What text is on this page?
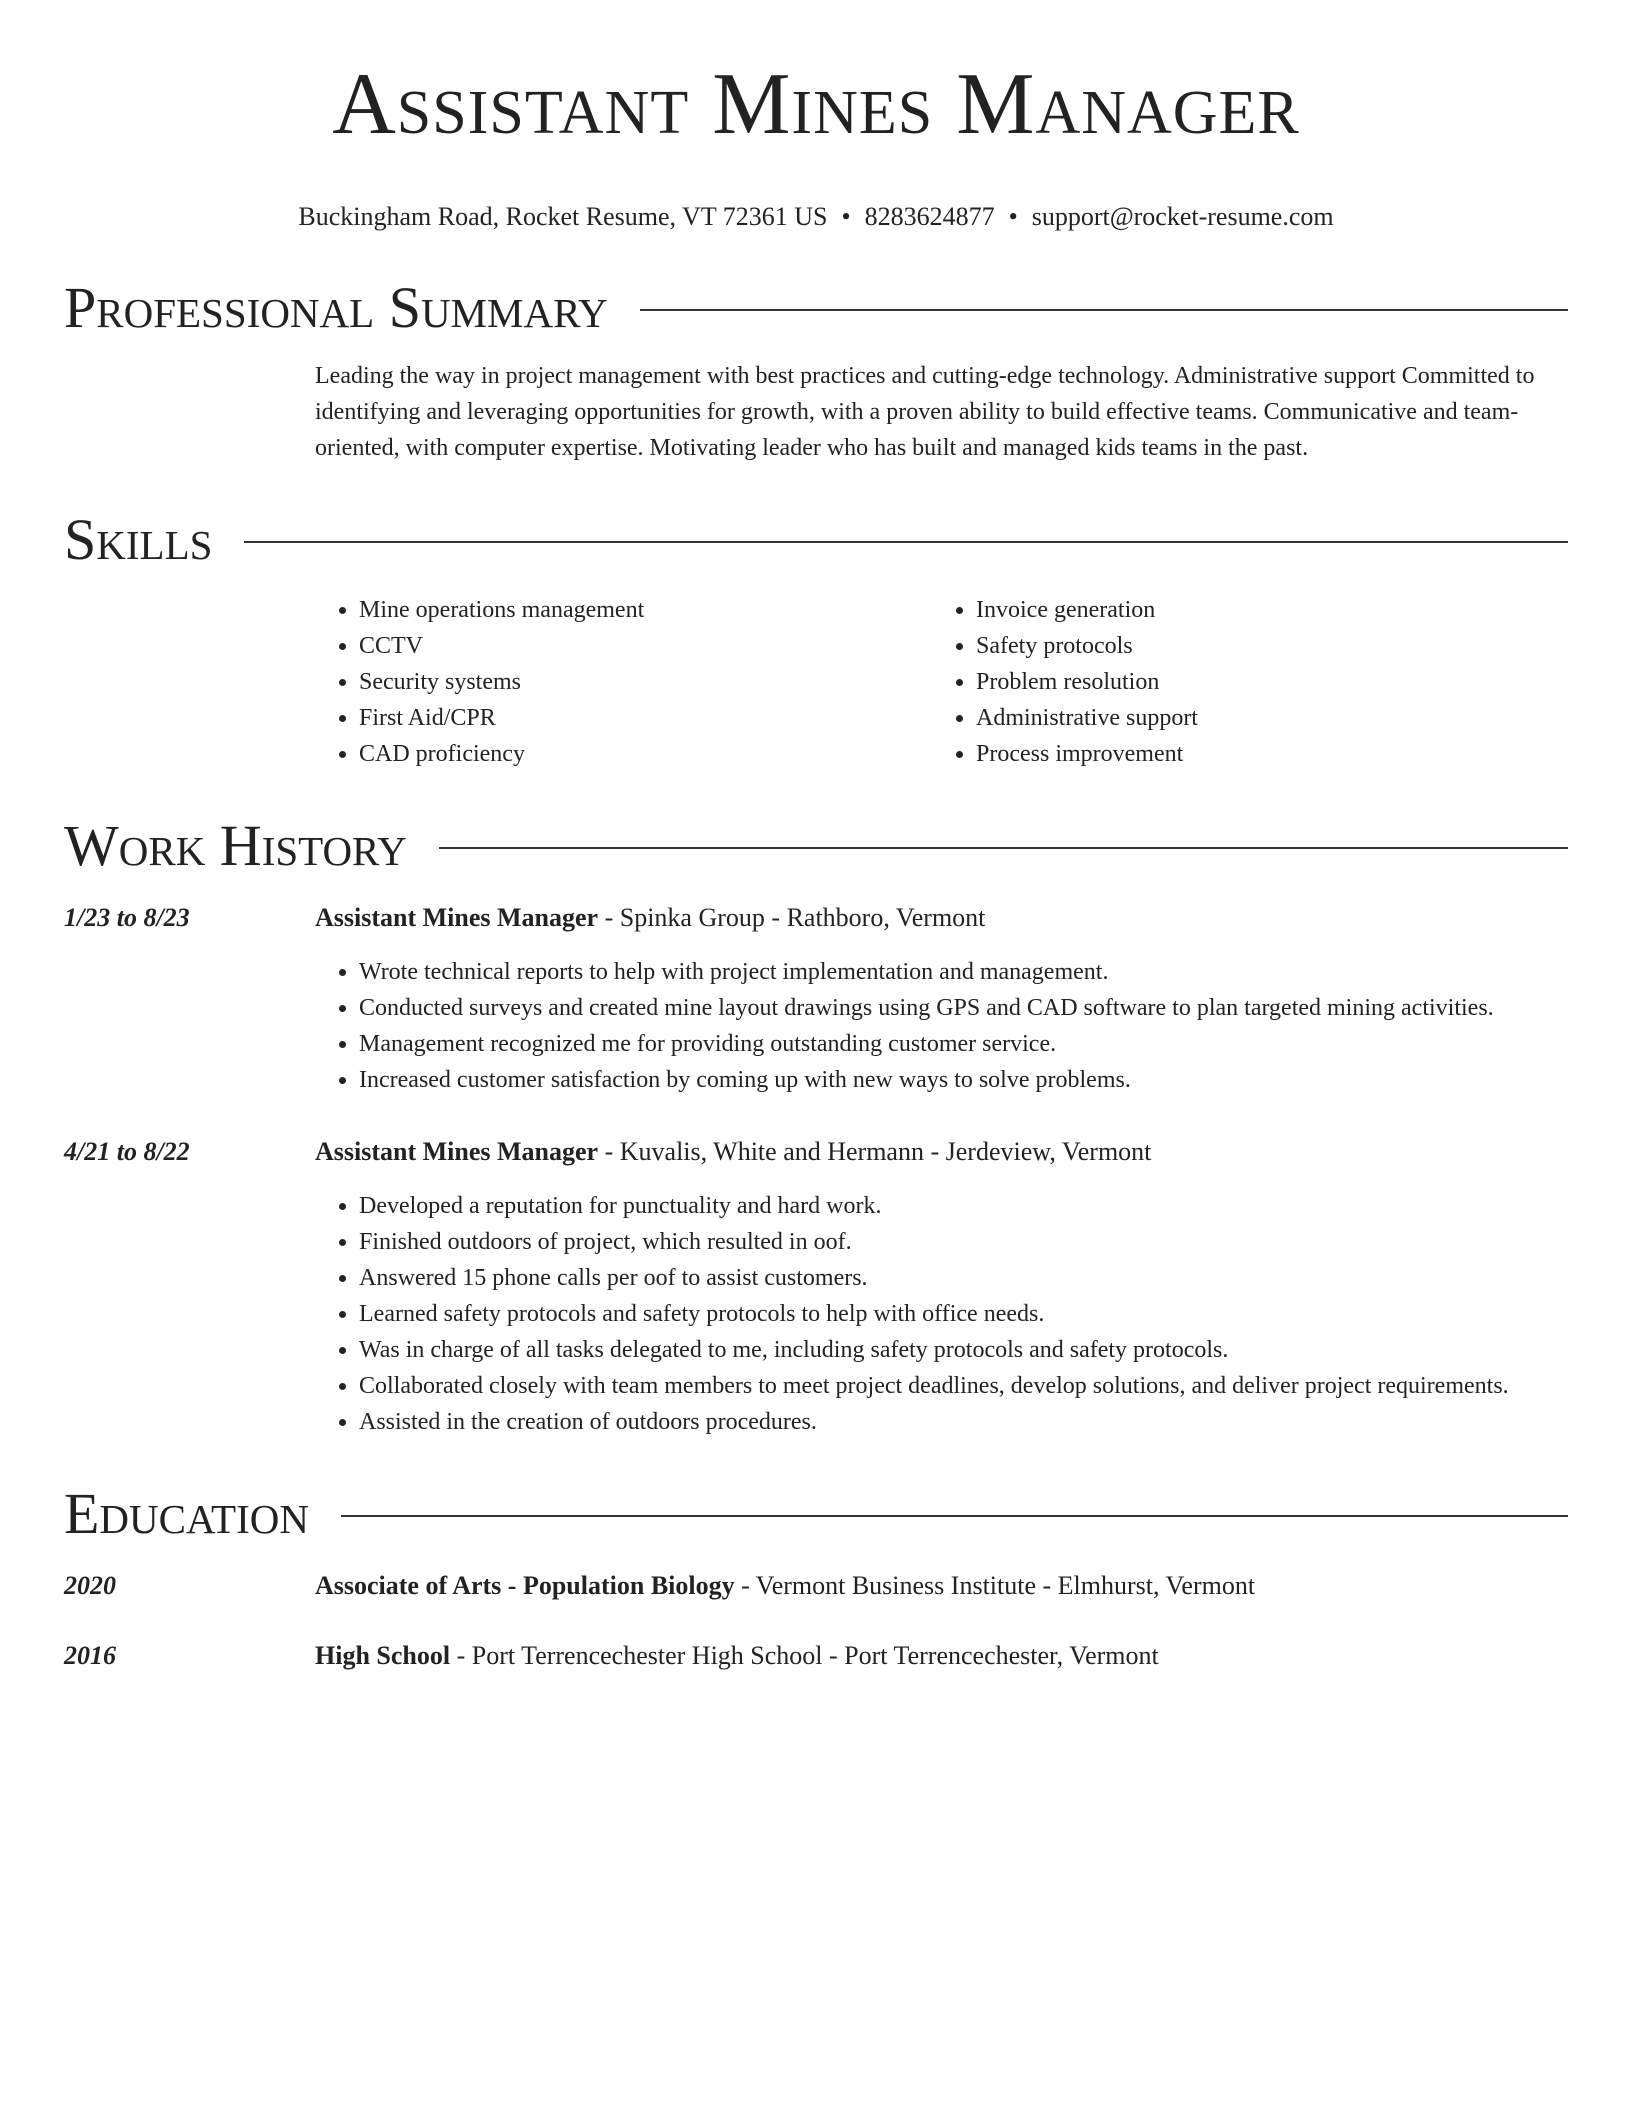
Assistant Mines Manager
Buckingham Road, Rocket Resume, VT 72361 US • 8283624877 • support@rocket-resume.com
Professional Summary
Leading the way in project management with best practices and cutting-edge technology. Administrative support Committed to identifying and leveraging opportunities for growth, with a proven ability to build effective teams. Communicative and team-oriented, with computer expertise. Motivating leader who has built and managed kids teams in the past.
Skills
• Mine operations management
• CCTV
• Security systems
• First Aid/CPR
• CAD proficiency
• Invoice generation
• Safety protocols
• Problem resolution
• Administrative support
• Process improvement
Work History
1/23 to 8/23	Assistant Mines Manager - Spinka Group - Rathboro, Vermont
• Wrote technical reports to help with project implementation and management.
• Conducted surveys and created mine layout drawings using GPS and CAD software to plan targeted mining activities.
• Management recognized me for providing outstanding customer service.
• Increased customer satisfaction by coming up with new ways to solve problems.
4/21 to 8/22	Assistant Mines Manager - Kuvalis, White and Hermann - Jerdeview, Vermont
• Developed a reputation for punctuality and hard work.
• Finished outdoors of project, which resulted in oof.
• Answered 15 phone calls per oof to assist customers.
• Learned safety protocols and safety protocols to help with office needs.
• Was in charge of all tasks delegated to me, including safety protocols and safety protocols.
• Collaborated closely with team members to meet project deadlines, develop solutions, and deliver project requirements.
• Assisted in the creation of outdoors procedures.
Education
2020	Associate of Arts - Population Biology - Vermont Business Institute - Elmhurst, Vermont
2016	High School - Port Terrencechester High School - Port Terrencechester, Vermont
